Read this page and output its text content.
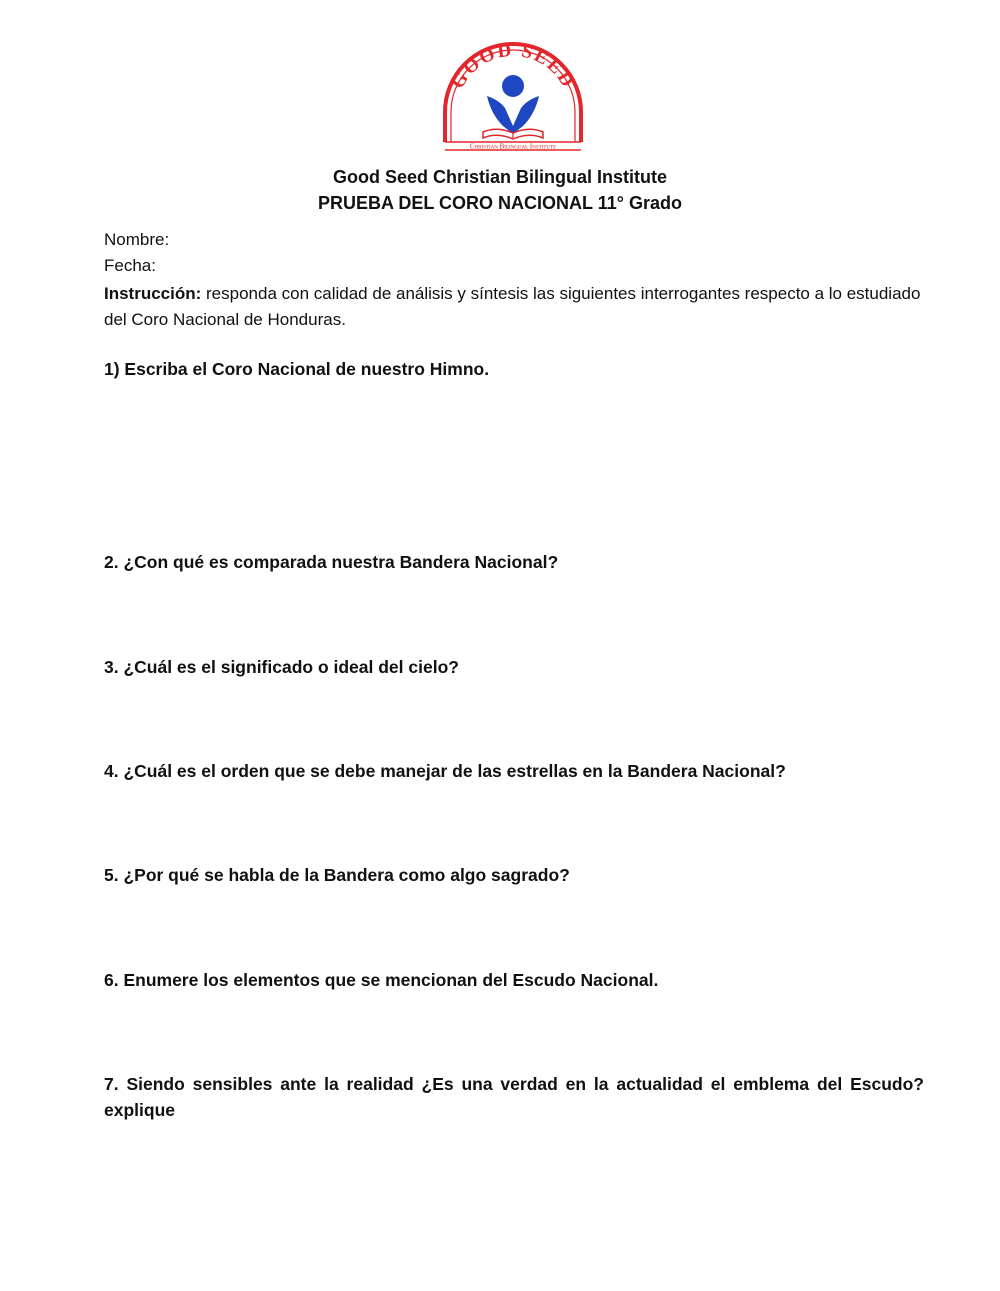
GOOD SEED
Christian Bilingual Institute
Good Seed Christian Bilingual Institute
PRUEBA DEL CORO NACIONAL 11° Grado
Nombre:
Fecha:
Instrucción: responda con calidad de análisis y síntesis las siguientes interrogantes respecto a lo estudiado del Coro Nacional de Honduras.
1) Escriba el Coro Nacional de nuestro Himno.
2. ¿Con qué es comparada nuestra Bandera Nacional?
3. ¿Cuál es el significado o ideal del cielo?
4. ¿Cuál es el orden que se debe manejar de las estrellas en la Bandera Nacional?
5. ¿Por qué se habla de la Bandera como algo sagrado?
6. Enumere los elementos que se mencionan del Escudo Nacional.
7. Siendo sensibles ante la realidad ¿Es una verdad en la actualidad el emblema del Escudo? explique
